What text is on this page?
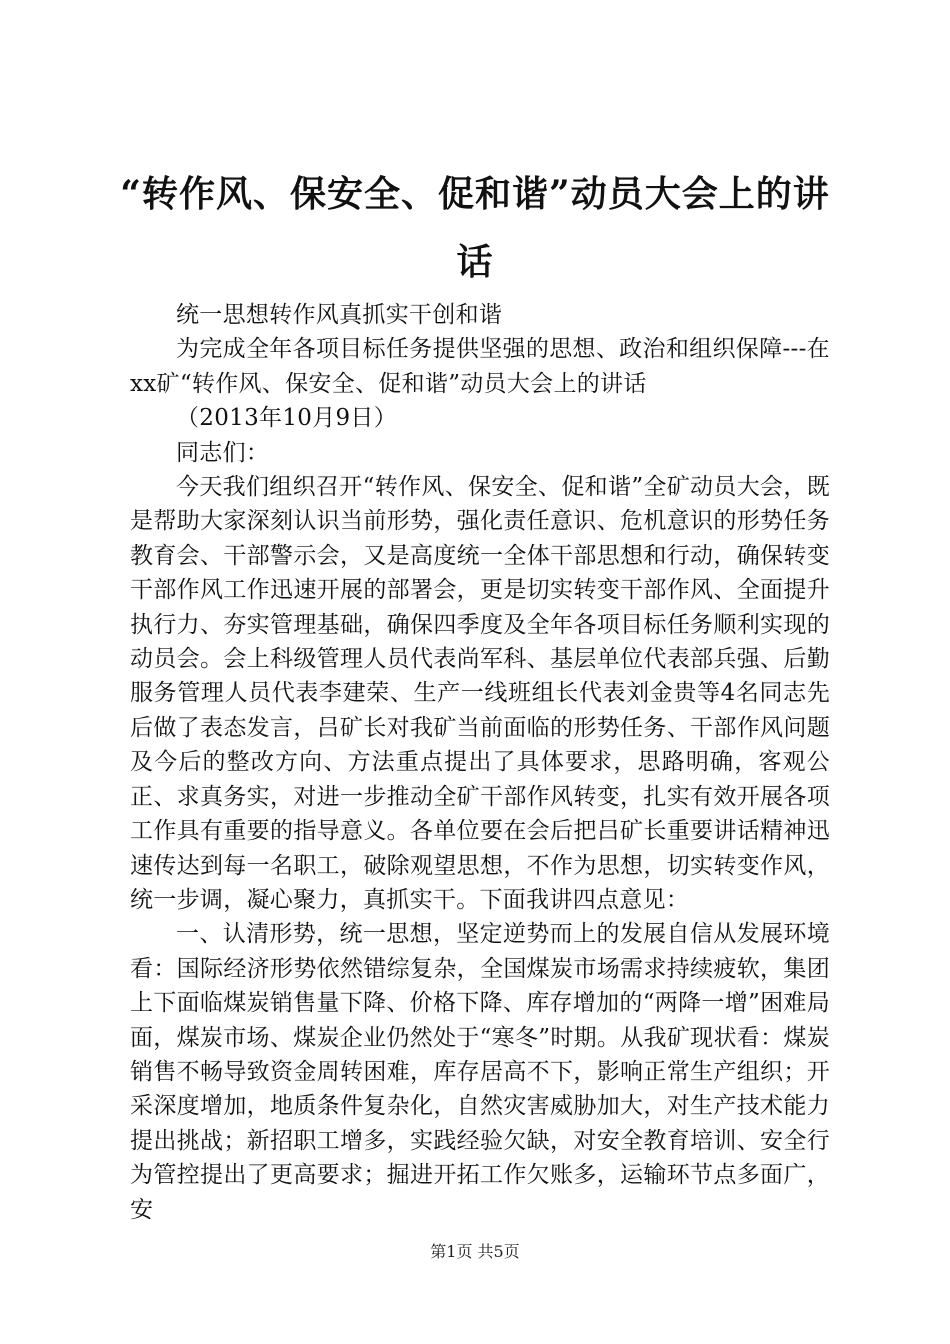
“转作风、保安全、促和谐”动员大会上的讲话

统一思想转作风真抓实干创和谐

为完成全年各项目标任务提供坚强的思想、政治和组织保障---在xx矿“转作风、保安全、促和谐”动员大会上的讲话

（2013年10月9日）

同志们：

今天我们组织召开“转作风、保安全、促和谐”全矿动员大会，既是帮助大家深刻认识当前形势，强化责任意识、危机意识的形势任务教育会、干部警示会，又是高度统一全体干部思想和行动，确保转变干部作风工作迅速开展的部署会，更是切实转变干部作风、全面提升执行力、夯实管理基础，确保四季度及全年各项目标任务顺利实现的动员会。会上科级管理人员代表尚军科、基层单位代表部兵强、后勤服务管理人员代表李建荣、生产一线班组长代表刘金贵等4名同志先后做了表态发言，吕矿长对我矿当前面临的形势任务、干部作风问题及今后的整改方向、方法重点提出了具体要求，思路明确，客观公正、求真务实，对进一步推动全矿干部作风转变，扎实有效开展各项工作具有重要的指导意义。各单位要在会后把吕矿长重要讲话精神迅速传达到每一名职工，破除观望思想，不作为思想，切实转变作风，统一步调，凝心聚力，真抓实干。下面我讲四点意见：

一、认清形势，统一思想，坚定逆势而上的发展自信从发展环境看：国际经济形势依然错综复杂，全国煤炭市场需求持续疲软，集团上下面临煤炭销售量下降、价格下降、库存增加的“两降一增”困难局面，煤炭市场、煤炭企业仍然处于“寒冬”时期。从我矿现状看：煤炭销售不畅导致资金周转困难，库存居高不下，影响正常生产组织；开采深度增加，地质条件复杂化，自然灾害威胁加大，对生产技术能力提出挑战；新招职工增多，实践经验欠缺，对安全教育培训、安全行为管控提出了更高要求；掘进开拓工作欠账多，运输环节点多面广，安

第1页 共5页
